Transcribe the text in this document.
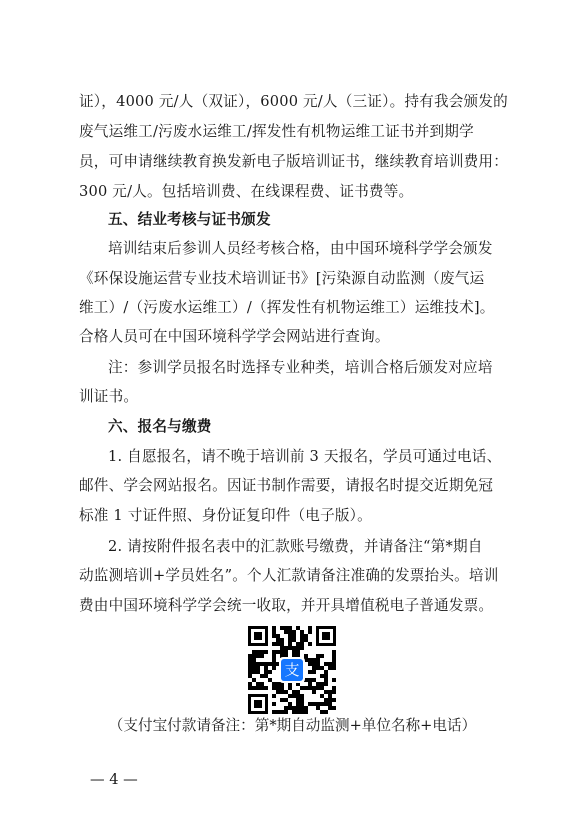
证），4000 元/人（双证），6000 元/人（三证）。持有我会颁发的
废气运维工/污废水运维工/挥发性有机物运维工证书并到期学
员，可申请继续教育换发新电子版培训证书，继续教育培训费用：
300 元/人。包括培训费、在线课程费、证书费等。
五、结业考核与证书颁发
培训结束后参训人员经考核合格，由中国环境科学学会颁发
《环保设施运营专业技术培训证书》[污染源自动监测（废气运
维工）/（污废水运维工）/（挥发性有机物运维工）运维技术]。
合格人员可在中国环境科学学会网站进行查询。
注：参训学员报名时选择专业种类，培训合格后颁发对应培
训证书。
六、报名与缴费
1. 自愿报名，请不晚于培训前 3 天报名，学员可通过电话、
邮件、学会网站报名。因证书制作需要，请报名时提交近期免冠
标准 1 寸证件照、身份证复印件（电子版）。
2. 请按附件报名表中的汇款账号缴费，并请备注“第*期自
动监测培训+学员姓名”。个人汇款请备注准确的发票抬头。培训
费由中国环境科学学会统一收取，并开具增值税电子普通发票。
支
（支付宝付款请备注：第*期自动监测+单位名称+电话）
— 4 —
